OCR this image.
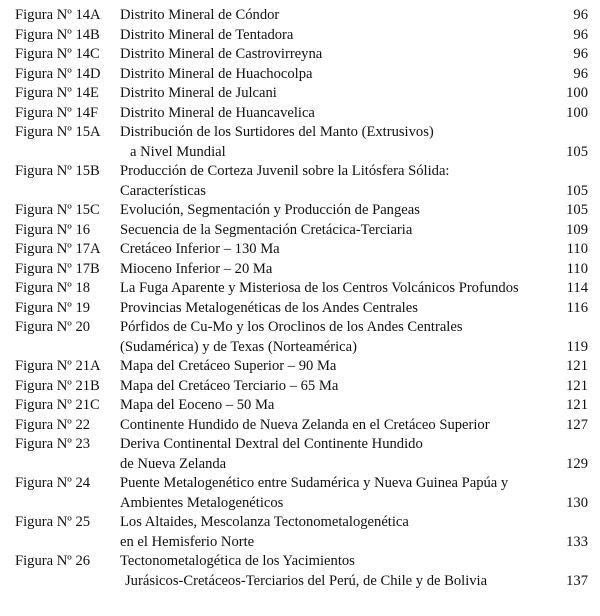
Figura Nº 14A Distrito Mineral de Cóndor	96
Figura Nº 14B Distrito Mineral de Tentadora	96
Figura Nº 14C Distrito Mineral de Castrovirreyna	96
Figura Nº 14D Distrito Mineral de Huachocolpa	96
Figura Nº 14E Distrito Mineral de Julcani	100
Figura Nº 14F Distrito Mineral de Huancavelica	100
Figura Nº 15A Distribución de los Surtidores del Manto (Extrusivos)
a Nivel Mundial	105
Figura Nº 15B Producción de Corteza Juvenil sobre la Litósfera Sólida:
Características	105
Figura Nº 15C Evolución, Segmentación y Producción de Pangeas	105
Figura Nº 16 Secuencia de la Segmentación Cretácica-Terciaria	109
Figura Nº 17A Cretáceo Inferior – 130 Ma	110
Figura Nº 17B Mioceno Inferior – 20 Ma	110
Figura Nº 18 La Fuga Aparente y Misteriosa de los Centros Volcánicos Profundos	114
Figura Nº 19 Provincias Metalogenéticas de los Andes Centrales	116
Figura Nº 20 Pórfidos de Cu-Mo y los Oroclinos de los Andes Centrales
(Sudamérica) y de Texas (Norteamérica)	119
Figura Nº 21A Mapa del Cretáceo Superior – 90 Ma	121
Figura Nº 21B Mapa del Cretáceo Terciario – 65 Ma	121
Figura Nº 21C Mapa del Eoceno – 50 Ma	121
Figura Nº 22 Continente Hundido de Nueva Zelanda en el Cretáceo Superior	127
Figura Nº 23 Deriva Continental Dextral del Continente Hundido
de Nueva Zelanda	129
Figura Nº 24 Puente Metalogenético entre Sudamérica y Nueva Guinea Papúa y
Ambientes Metalogenéticos	130
Figura Nº 25 Los Altaides, Mescolanza Tectonometalogenética
en el Hemisferio Norte	133
Figura Nº 26 Tectonometalogética de los Yacimientos
Jurásicos-Cretáceos-Terciarios del Perú, de Chile y de Bolivia	137
